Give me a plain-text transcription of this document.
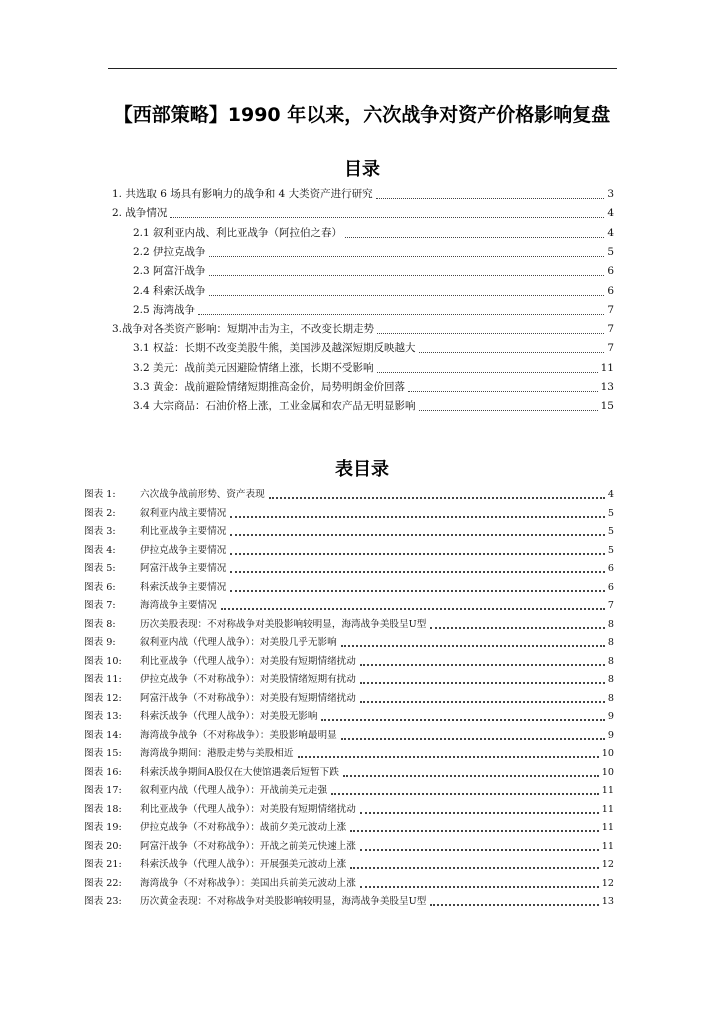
【西部策略】1990 年以来，六次战争对资产价格影响复盘
目录
1. 共选取 6 场具有影响力的战争和 4 大类资产进行研究	3
2. 战争情况	4
2.1 叙利亚内战、利比亚战争（阿拉伯之春）	4
2.2 伊拉克战争	5
2.3 阿富汗战争	6
2.4 科索沃战争	6
2.5 海湾战争	7
3.战争对各类资产影响：短期冲击为主，不改变长期走势	7
3.1 权益：长期不改变美股牛熊，美国涉及越深短期反映越大	7
3.2 美元：战前美元因避险情绪上涨，长期不受影响	11
3.3 黄金：战前避险情绪短期推高金价，局势明朗金价回落	13
3.4 大宗商品：石油价格上涨，工业金属和农产品无明显影响	15
表目录
图表 1:	六次战争战前形势、资产表现	4
图表 2:	叙利亚内战主要情况	5
图表 3:	利比亚战争主要情况	5
图表 4:	伊拉克战争主要情况	5
图表 5:	阿富汗战争主要情况	6
图表 6:	科索沃战争主要情况	6
图表 7:	海湾战争主要情况	7
图表 8:	历次美股表现：不对称战争对美股影响较明显，海湾战争美股呈U型	8
图表 9:	叙利亚内战（代理人战争）：对美股几乎无影响	8
图表 10:	利比亚战争（代理人战争）：对美股有短期情绪扰动	8
图表 11:	伊拉克战争（不对称战争）：对美股情绪短期有扰动	8
图表 12:	阿富汗战争（不对称战争）：对美股有短期情绪扰动	8
图表 13:	科索沃战争（代理人战争）：对美股无影响	9
图表 14:	海湾战争战争（不对称战争）：美股影响最明显	9
图表 15:	海湾战争期间：港股走势与美股相近	10
图表 16:	科索沃战争期间A股仅在大使馆遇袭后短暂下跌	10
图表 17:	叙利亚内战（代理人战争）：开战前美元走强	11
图表 18:	利比亚战争（代理人战争）：对美股有短期情绪扰动	11
图表 19:	伊拉克战争（不对称战争）：战前夕美元波动上涨	11
图表 20:	阿富汗战争（不对称战争）：开战之前美元快速上涨	11
图表 21:	科索沃战争（代理人战争）：开展强美元波动上涨	12
图表 22:	海湾战争（不对称战争）：美国出兵前美元波动上涨	12
图表 23:	历次黄金表现：不对称战争对美股影响较明显，海湾战争美股呈U型	13
